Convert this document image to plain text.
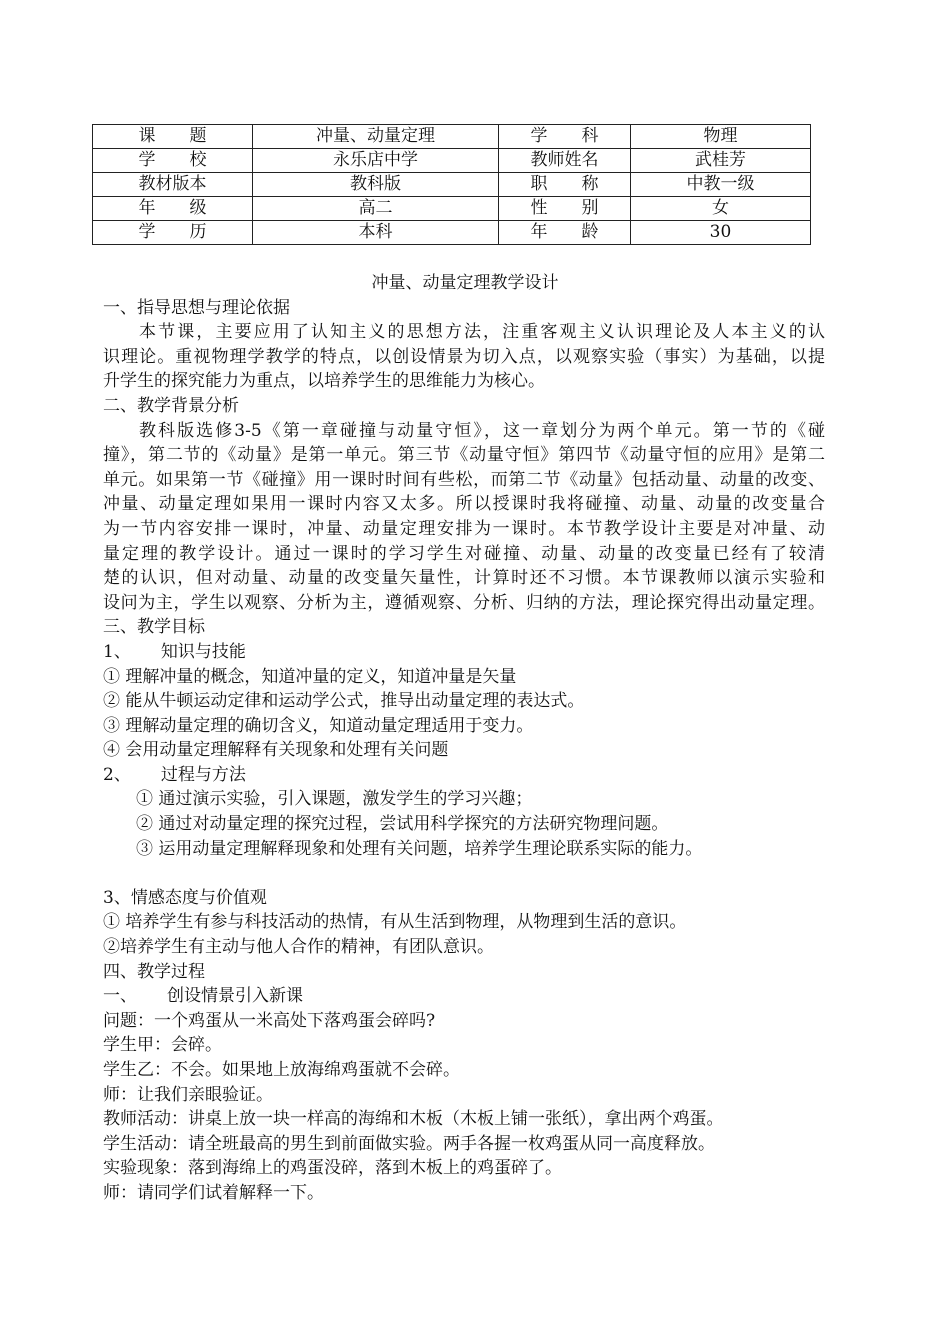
课　　题	冲量、动量定理	学　　科	物理
学　　校	永乐店中学	教师姓名	武桂芳
教材版本	教科版	职　　称	中教一级
年　　级	高二	性　　别	女
学　　历	本科	年　　龄	30
冲量、动量定理教学设计
一、指导思想与理论依据
本节课，主要应用了认知主义的思想方法，注重客观主义认识理论及人本主义的认
识理论。重视物理学教学的特点，以创设情景为切入点，以观察实验（事实）为基础，以提
升学生的探究能力为重点，以培养学生的思维能力为核心。
二、教学背景分析
教科版选修3-5《第一章碰撞与动量守恒》，这一章划分为两个单元。第一节的《碰
撞》，第二节的《动量》是第一单元。第三节《动量守恒》第四节《动量守恒的应用》是第二
单元。如果第一节《碰撞》用一课时时间有些松，而第二节《动量》包括动量、动量的改变、
冲量、动量定理如果用一课时内容又太多。所以授课时我将碰撞、动量、动量的改变量合
为一节内容安排一课时，冲量、动量定理安排为一课时。本节教学设计主要是对冲量、动
量定理的教学设计。通过一课时的学习学生对碰撞、动量、动量的改变量已经有了较清
楚的认识，但对动量、动量的改变量矢量性，计算时还不习惯。本节课教师以演示实验和
设问为主，学生以观察、分析为主，遵循观察、分析、归纳的方法，理论探究得出动量定理。
三、教学目标
1、 知识与技能
① 理解冲量的概念，知道冲量的定义，知道冲量是矢量
② 能从牛顿运动定律和运动学公式，推导出动量定理的表达式。
③ 理解动量定理的确切含义，知道动量定理适用于变力。
④ 会用动量定理解释有关现象和处理有关问题
2、 过程与方法
① 通过演示实验，引入课题，激发学生的学习兴趣；
② 通过对动量定理的探究过程，尝试用科学探究的方法研究物理问题。
③ 运用动量定理解释现象和处理有关问题，培养学生理论联系实际的能力。
3、情感态度与价值观
① 培养学生有参与科技活动的热情，有从生活到物理，从物理到生活的意识。
②培养学生有主动与他人合作的精神，有团队意识。
四、教学过程
一、 创设情景引入新课
问题：一个鸡蛋从一米高处下落鸡蛋会碎吗?
学生甲：会碎。
学生乙：不会。如果地上放海绵鸡蛋就不会碎。
师：让我们亲眼验证。
教师活动：讲桌上放一块一样高的海绵和木板（木板上铺一张纸），拿出两个鸡蛋。
学生活动：请全班最高的男生到前面做实验。两手各握一枚鸡蛋从同一高度释放。
实验现象：落到海绵上的鸡蛋没碎，落到木板上的鸡蛋碎了。
师：请同学们试着解释一下。
